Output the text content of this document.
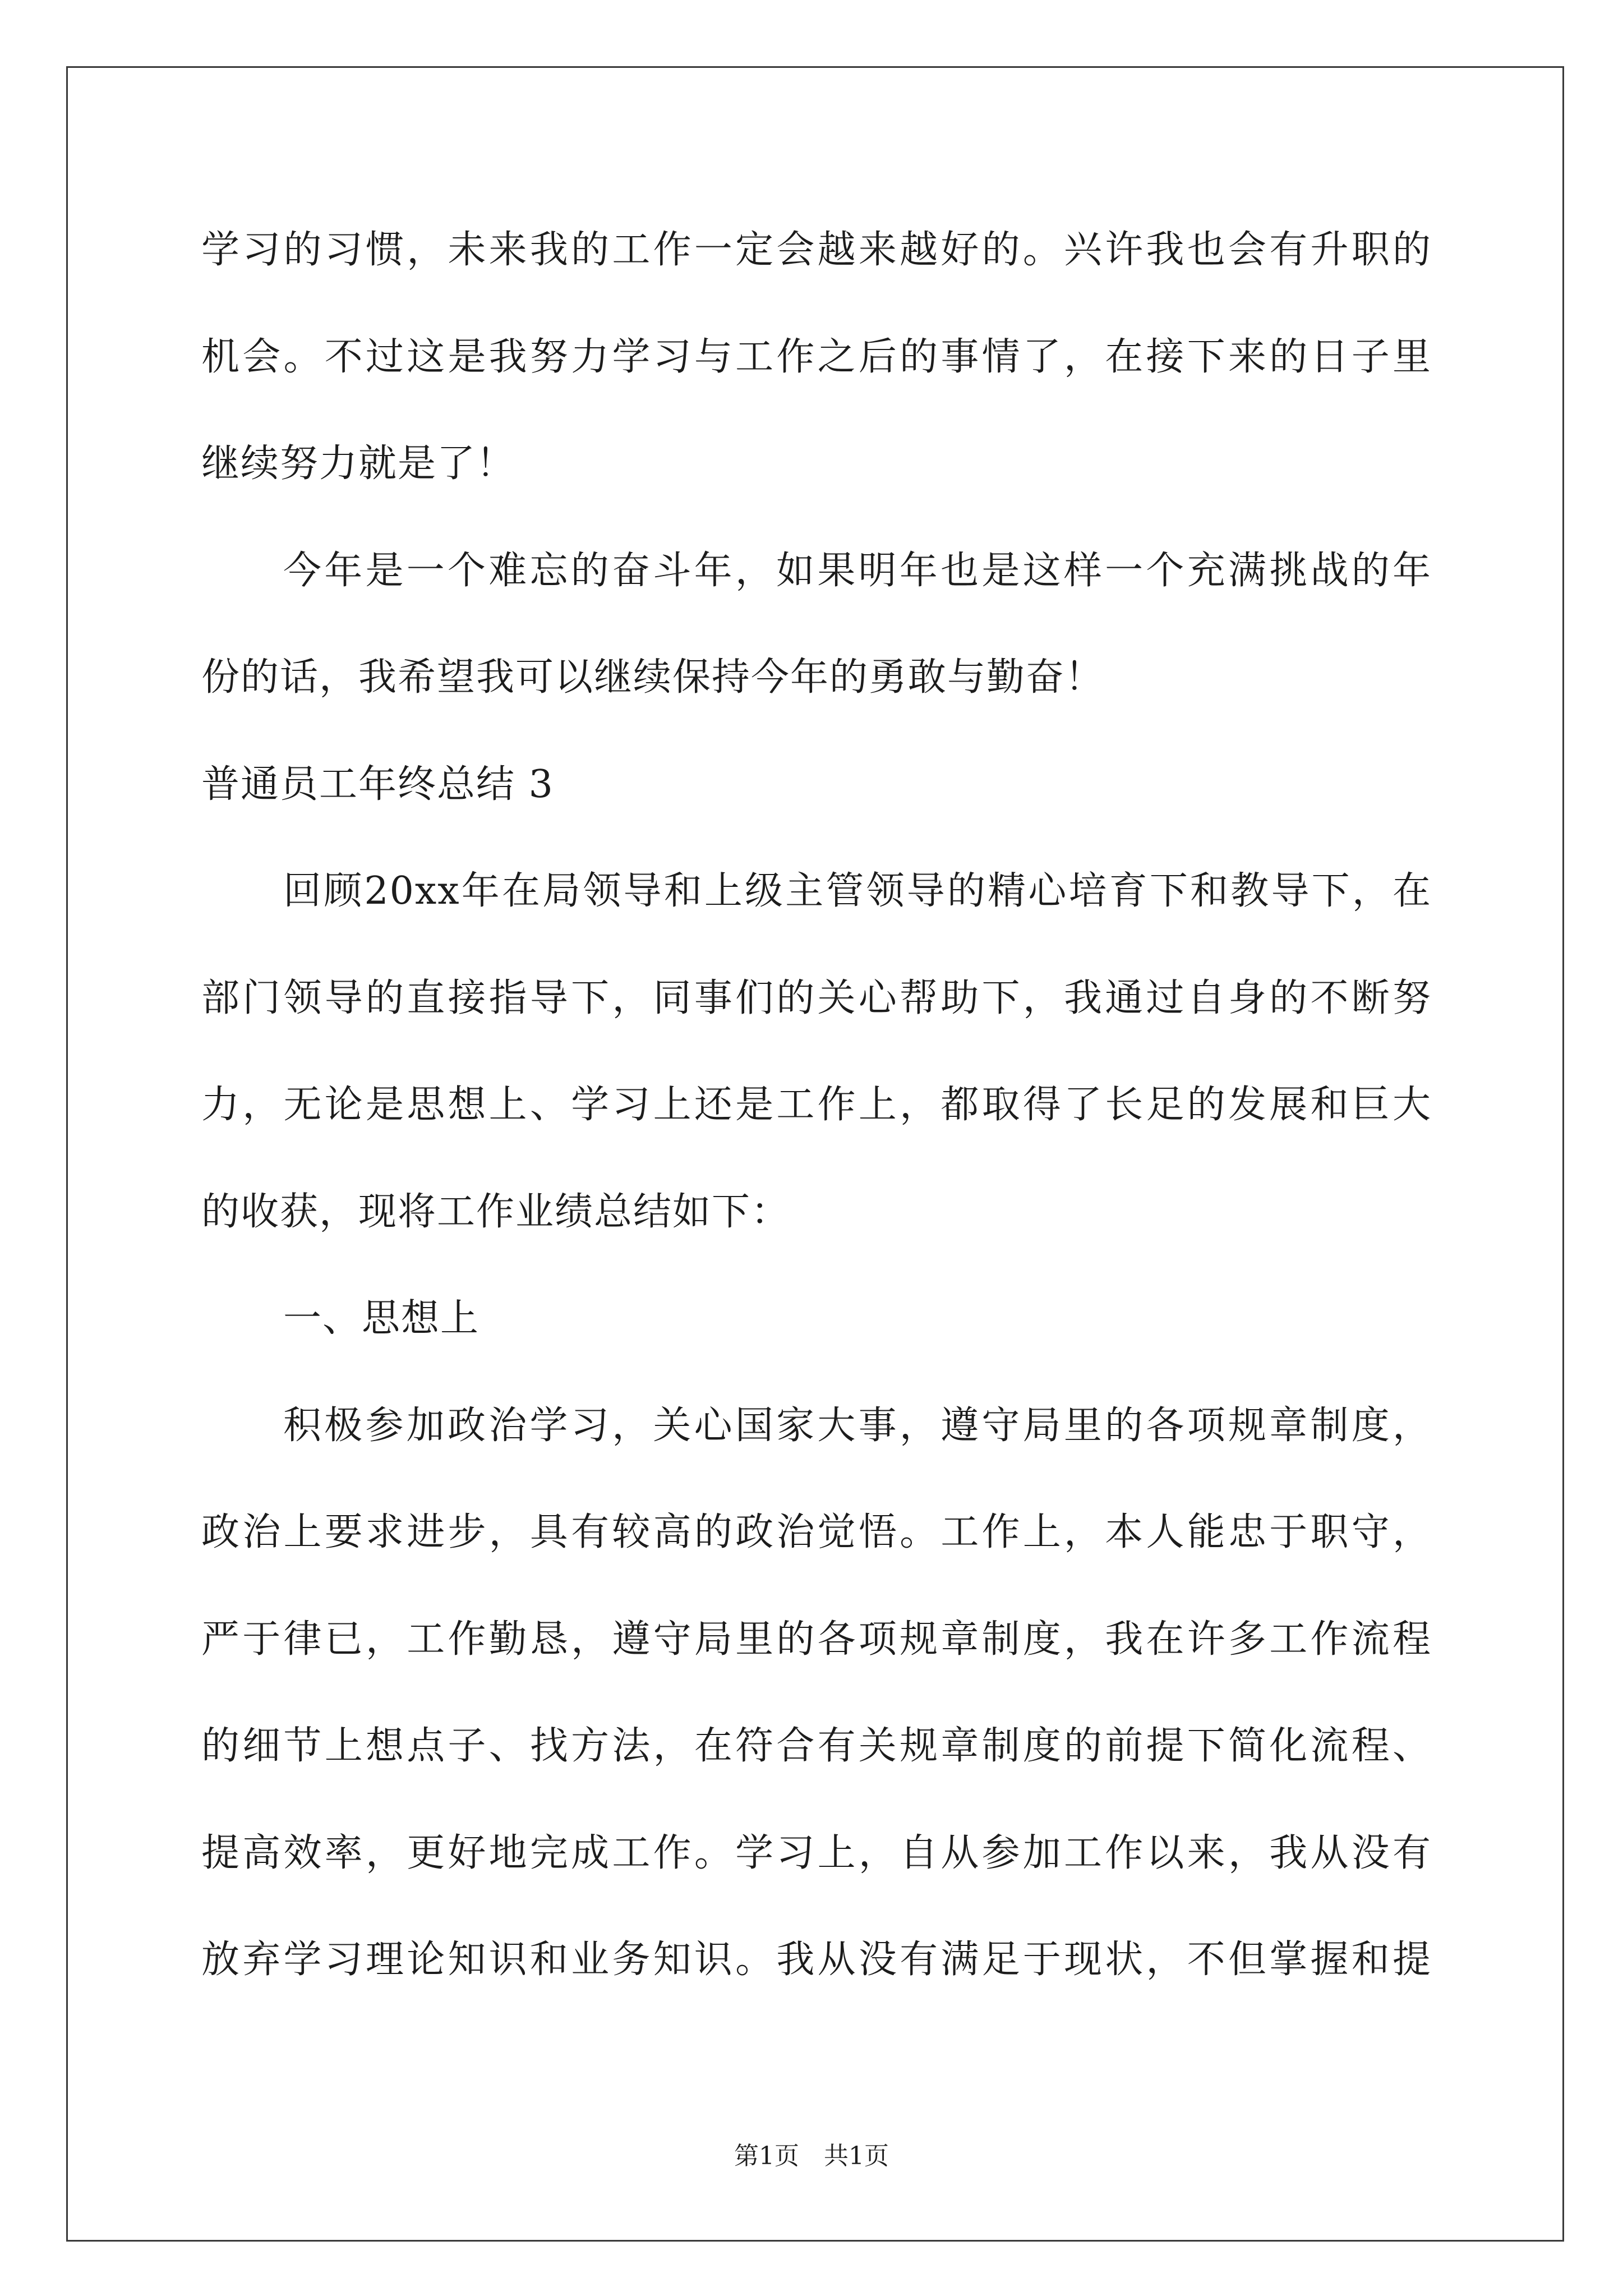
学习的习惯，未来我的工作一定会越来越好的。兴许我也会有升职的
机会。不过这是我努力学习与工作之后的事情了，在接下来的日子里
继续努力就是了！
今年是一个难忘的奋斗年，如果明年也是这样一个充满挑战的年
份的话，我希望我可以继续保持今年的勇敢与勤奋！
普通员工年终总结 3
回顾20xx年在局领导和上级主管领导的精心培育下和教导下，在
部门领导的直接指导下，同事们的关心帮助下，我通过自身的不断努
力，无论是思想上、学习上还是工作上，都取得了长足的发展和巨大
的收获，现将工作业绩总结如下：
一、思想上
积极参加政治学习，关心国家大事，遵守局里的各项规章制度，
政治上要求进步，具有较高的政治觉悟。工作上，本人能忠于职守，
严于律已，工作勤恳，遵守局里的各项规章制度，我在许多工作流程
的细节上想点子、找方法，在符合有关规章制度的前提下简化流程、
提高效率，更好地完成工作。学习上，自从参加工作以来，我从没有
放弃学习理论知识和业务知识。我从没有满足于现状，不但掌握和提
第1页　共1页
